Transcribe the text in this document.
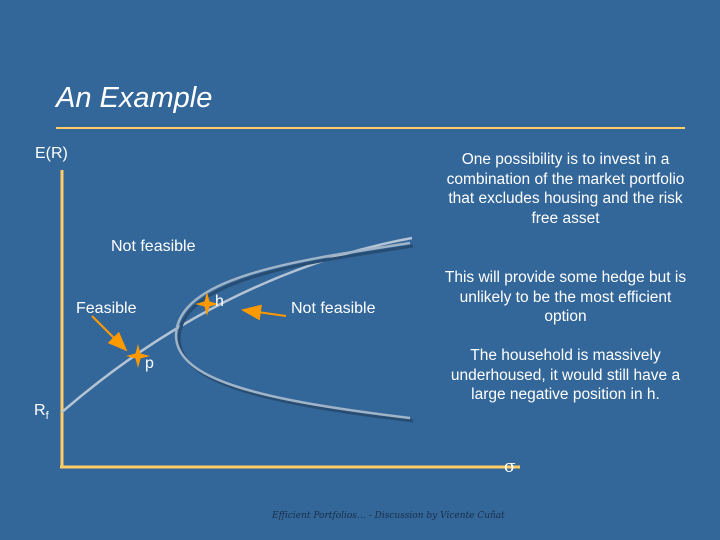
An Example
E(R)
σ
$R_f$
Not feasible
Feasible	Not feasible
h
p
One possibility is to invest in a combination of the market portfolio that excludes housing and the risk free asset
This will provide some hedge but is unlikely to be the most efficient option
The household is massively underhoused, it would still have a large negative position in h.
Efficient Portfolios… - Discussion by Vicente Cuñat
